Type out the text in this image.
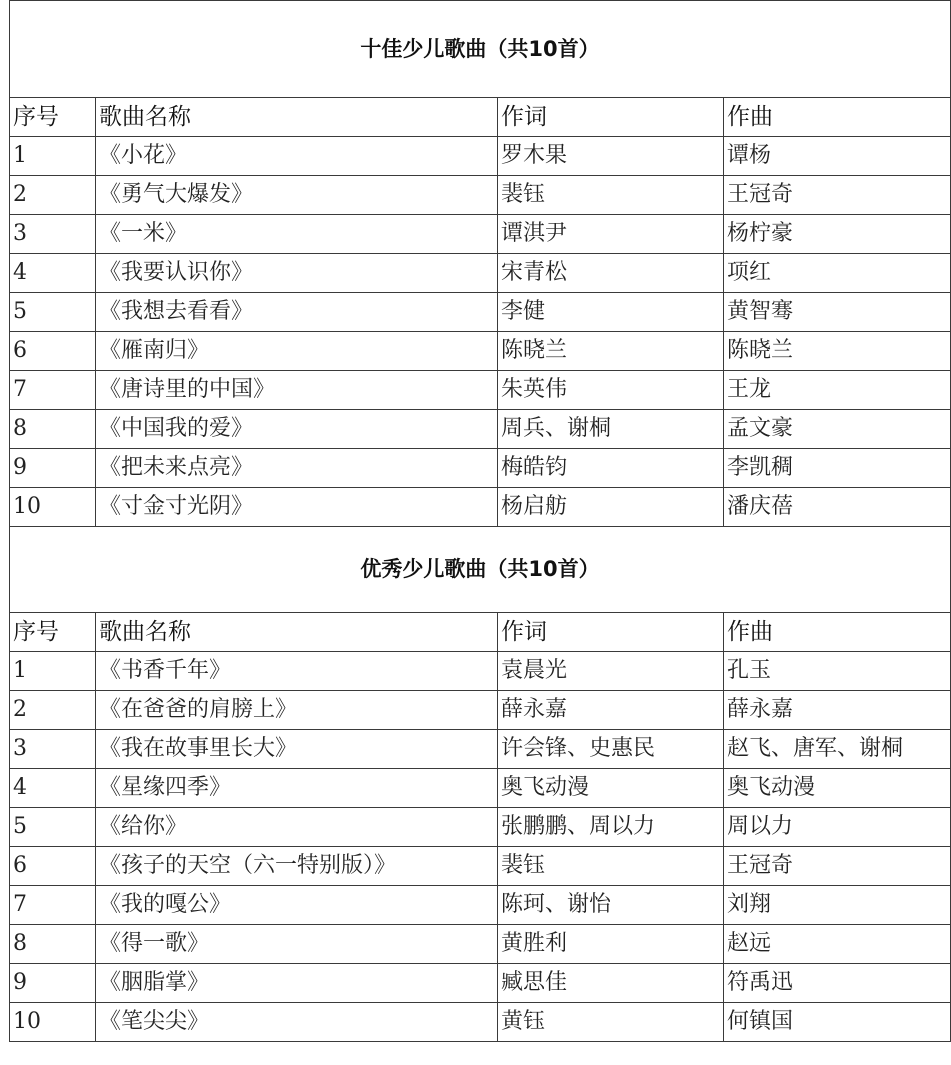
十佳少儿歌曲（共10首）			
序号	歌曲名称	作词	作曲
1	《小花》	罗木果	谭杨
2	《勇气大爆发》	裴钰	王冠奇
3	《一米》	谭淇尹	杨柠豪
4	《我要认识你》	宋青松	项红
5	《我想去看看》	李健	黄智骞
6	《雁南归》	陈晓兰	陈晓兰
7	《唐诗里的中国》	朱英伟	王龙
8	《中国我的爱》	周兵、谢桐	孟文豪
9	《把未来点亮》	梅皓钧	李凯稠
10	《寸金寸光阴》	杨启舫	潘庆蓓
优秀少儿歌曲（共10首）			
序号	歌曲名称	作词	作曲
1	《书香千年》	袁晨光	孔玉
2	《在爸爸的肩膀上》	薛永嘉	薛永嘉
3	《我在故事里长大》	许会锋、史惠民	赵飞、唐军、谢桐
4	《星缘四季》	奥飞动漫	奥飞动漫
5	《给你》	张鹏鹏、周以力	周以力
6	《孩子的天空（六一特别版）》	裴钰	王冠奇
7	《我的嘎公》	陈珂、谢怡	刘翔
8	《得一歌》	黄胜利	赵远
9	《胭脂掌》	臧思佳	符禹迅
10	《笔尖尖》	黄钰	何镇国
